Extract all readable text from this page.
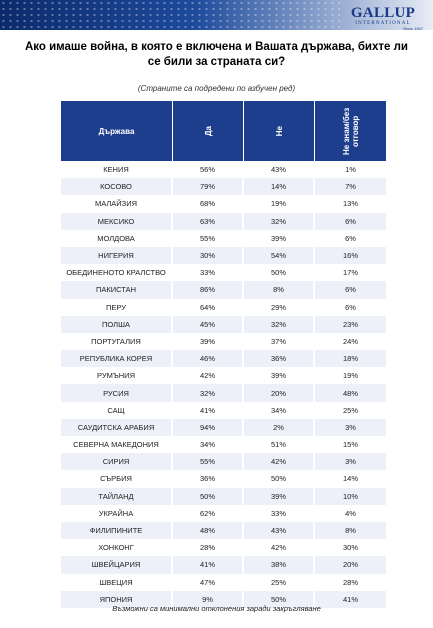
GALLUP
INTERNATIONAL
Since 1947
Ако имаше война, в която е включена и Вашата държава, бихте ли се били за страната си?
(Страните са подредени по азбучен ред)
Държава	Да	Не	Не знам/без отговор
КЕНИЯ	56%	43%	1%
КОСОВО	79%	14%	7%
МАЛАЙЗИЯ	68%	19%	13%
МЕКСИКО	63%	32%	6%
МОЛДОВА	55%	39%	6%
НИГЕРИЯ	30%	54%	16%
ОБЕДИНЕНОТО КРАЛСТВО	33%	50%	17%
ПАКИСТАН	86%	8%	6%
ПЕРУ	64%	29%	6%
ПОЛША	45%	32%	23%
ПОРТУГАЛИЯ	39%	37%	24%
РЕПУБЛИКА КОРЕЯ	46%	36%	18%
РУМЪНИЯ	42%	39%	19%
РУСИЯ	32%	20%	48%
САЩ	41%	34%	25%
САУДИТСКА АРАБИЯ	94%	2%	3%
СЕВЕРНА МАКЕДОНИЯ	34%	51%	15%
СИРИЯ	55%	42%	3%
СЪРБИЯ	36%	50%	14%
ТАЙЛАНД	50%	39%	10%
УКРАЙНА	62%	33%	4%
ФИЛИПИНИТЕ	48%	43%	8%
ХОНКОНГ	28%	42%	30%
ШВЕЙЦАРИЯ	41%	38%	20%
ШВЕЦИЯ	47%	25%	28%
ЯПОНИЯ	9%	50%	41%
Възможни са минимални отклонения заради закръгляване
